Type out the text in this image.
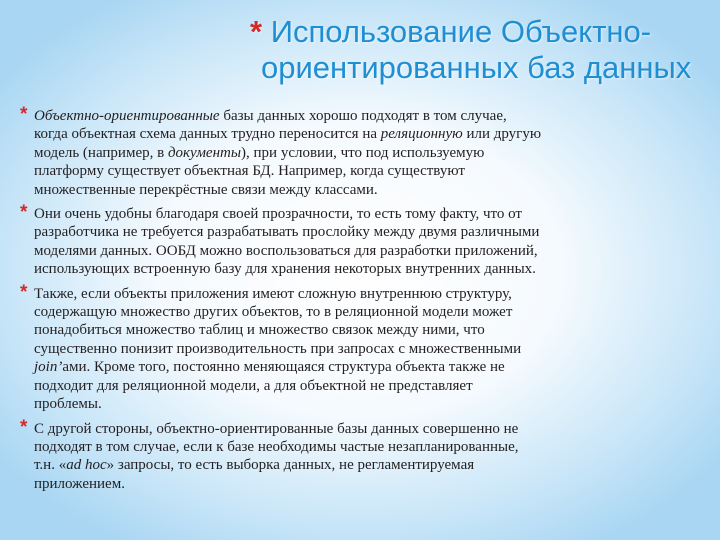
* Использование Объектно-
ориентированных баз данных
* Объектно-ориентированные базы данных хорошо подходят в том случае,
когда объектная схема данных трудно переносится на реляционную или другую
модель (например, в документы), при условии, что под используемую
платформу существует объектная БД. Например, когда существуют
множественные перекрёстные связи между классами.
* Они очень удобны благодаря своей прозрачности, то есть тому факту, что от
разработчика не требуется разрабатывать прослойку между двумя различными
моделями данных. ООБД можно воспользоваться для разработки приложений,
использующих встроенную базу для хранения некоторых внутренних данных.
* Также, если объекты приложения имеют сложную внутреннюю структуру,
содержащую множество других объектов, то в реляционной модели может
понадобиться множество таблиц и множество связок между ними, что
существенно понизит производительность при запросах с множественными
join’ами. Кроме того, постоянно меняющаяся структура объекта также не
подходит для реляционной модели, а для объектной не представляет
проблемы.
* С другой стороны, объектно-ориентированные базы данных совершенно не
подходят в том случае, если к базе необходимы частые незапланированные,
т.н. «ad hoc» запросы, то есть выборка данных, не регламентируемая
приложением.
